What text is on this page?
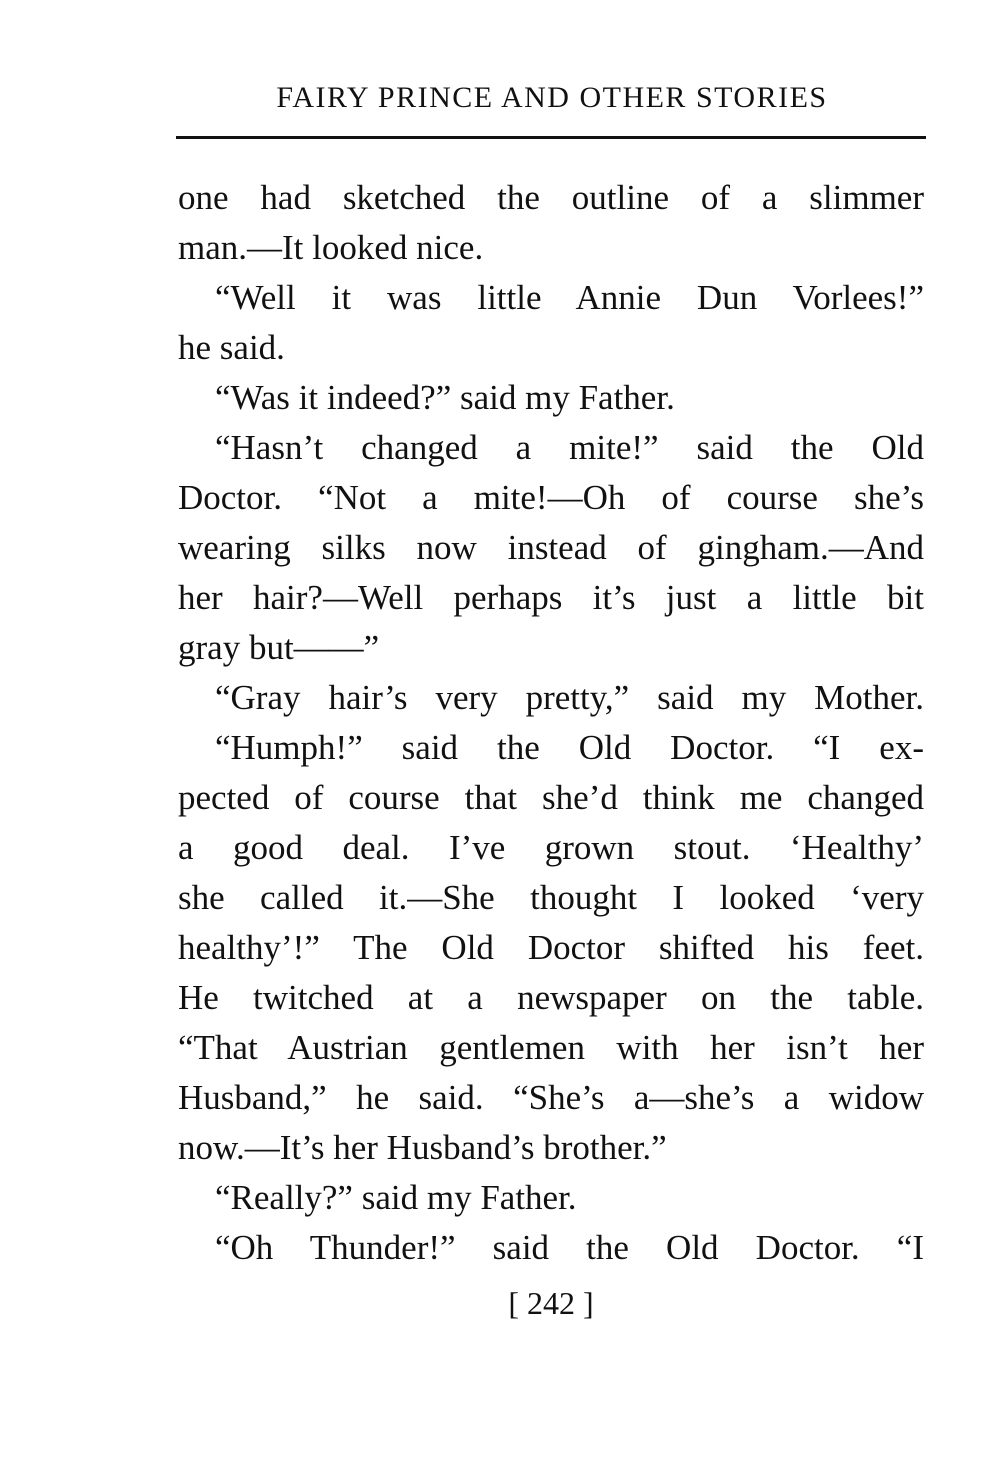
FAIRY PRINCE AND OTHER STORIES
one had sketched the outline of a slimmer
man.—It looked nice.
“Well it was little Annie Dun Vorlees!”
he said.
“Was it indeed?” said my Father.
“Hasn’t changed a mite!” said the Old
Doctor. “Not a mite!—Oh of course she’s
wearing silks now instead of gingham.—And
her hair?—Well perhaps it’s just a little bit
gray but——”
“Gray hair’s very pretty,” said my Mother.
“Humph!” said the Old Doctor. “I ex-
pected of course that she’d think me changed
a good deal. I’ve grown stout. ‘Healthy’
she called it.—She thought I looked ‘very
healthy’!” The Old Doctor shifted his feet.
He twitched at a newspaper on the table.
“That Austrian gentlemen with her isn’t her
Husband,” he said. “She’s a—she’s a widow
now.—It’s her Husband’s brother.”
“Really?” said my Father.
“Oh Thunder!” said the Old Doctor. “I
[ 242 ]
